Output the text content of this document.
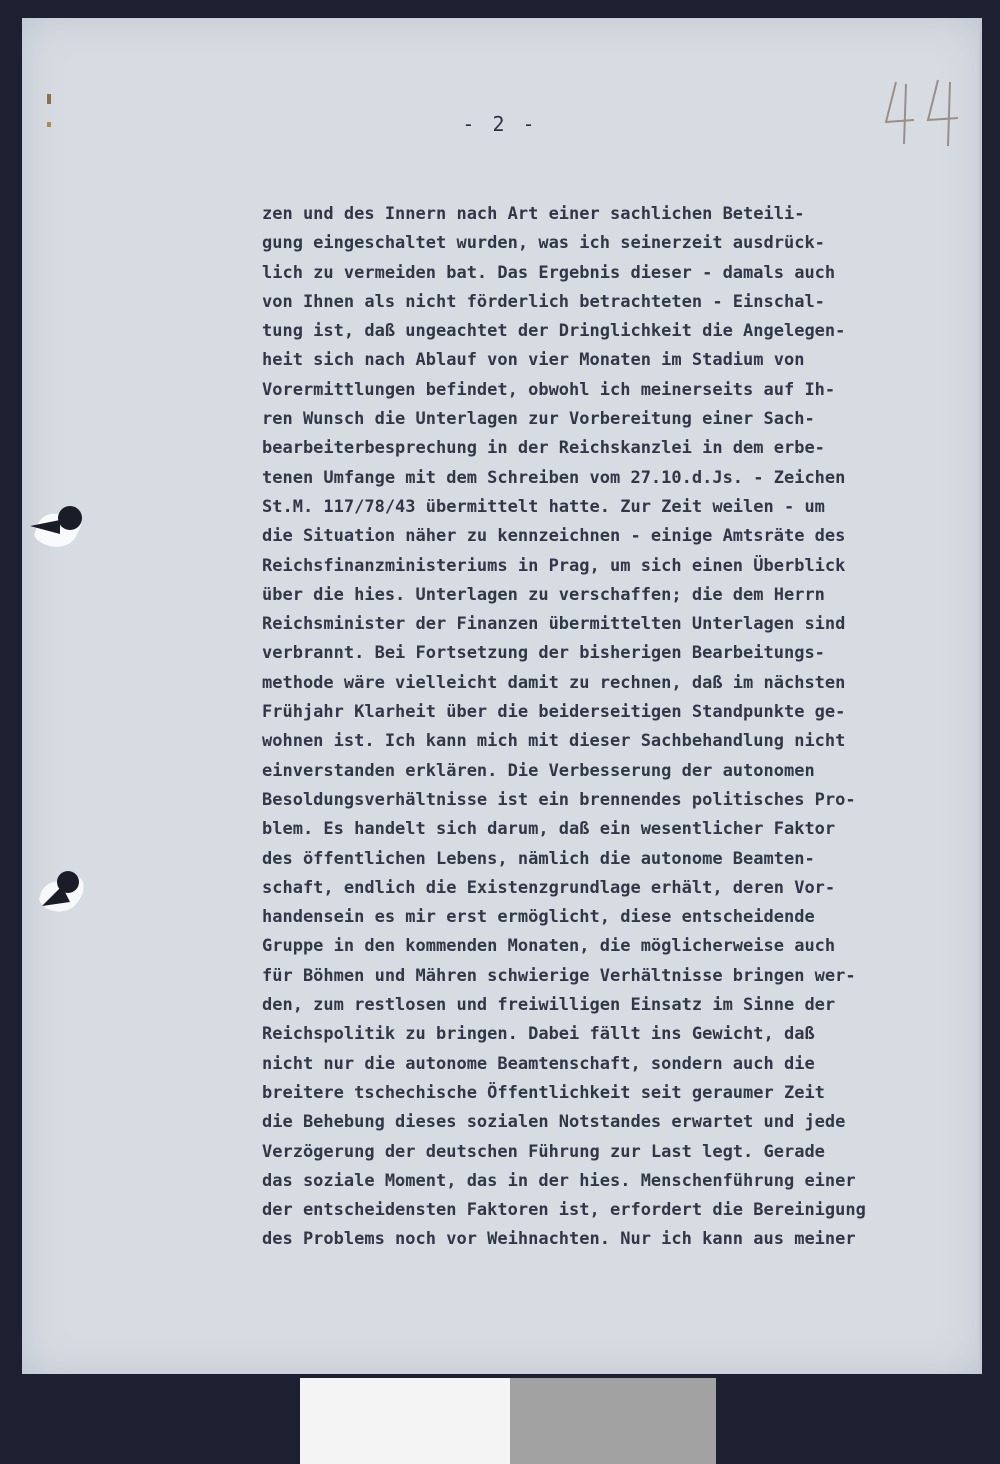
- 2 -
zen und des Innern nach Art einer sachlichen Beteili-
gung eingeschaltet wurden, was ich seinerzeit ausdrück-
lich zu vermeiden bat. Das Ergebnis dieser - damals auch
von Ihnen als nicht förderlich betrachteten - Einschal-
tung ist, daß ungeachtet der Dringlichkeit die Angelegen-
heit sich nach Ablauf von vier Monaten im Stadium von
Vorermittlungen befindet, obwohl ich meinerseits auf Ih-
ren Wunsch die Unterlagen zur Vorbereitung einer Sach-
bearbeiterbesprechung in der Reichskanzlei in dem erbe-
tenen Umfange mit dem Schreiben vom 27.10.d.Js. - Zeichen
St.M. 117/78/43 übermittelt hatte. Zur Zeit weilen - um
die Situation näher zu kennzeichnen - einige Amtsräte des
Reichsfinanzministeriums in Prag, um sich einen Überblick
über die hies. Unterlagen zu verschaffen; die dem Herrn
Reichsminister der Finanzen übermittelten Unterlagen sind
verbrannt. Bei Fortsetzung der bisherigen Bearbeitungs-
methode wäre vielleicht damit zu rechnen, daß im nächsten
Frühjahr Klarheit über die beiderseitigen Standpunkte ge-
wohnen ist. Ich kann mich mit dieser Sachbehandlung nicht
einverstanden erklären. Die Verbesserung der autonomen
Besoldungsverhältnisse ist ein brennendes politisches Pro-
blem. Es handelt sich darum, daß ein wesentlicher Faktor
des öffentlichen Lebens, nämlich die autonome Beamten-
schaft, endlich die Existenzgrundlage erhält, deren Vor-
handensein es mir erst ermöglicht, diese entscheidende
Gruppe in den kommenden Monaten, die möglicherweise auch
für Böhmen und Mähren schwierige Verhältnisse bringen wer-
den, zum restlosen und freiwilligen Einsatz im Sinne der
Reichspolitik zu bringen. Dabei fällt ins Gewicht, daß
nicht nur die autonome Beamtenschaft, sondern auch die
breitere tschechische Öffentlichkeit seit geraumer Zeit
die Behebung dieses sozialen Notstandes erwartet und jede
Verzögerung der deutschen Führung zur Last legt. Gerade
das soziale Moment, das in der hies. Menschenführung einer
der entscheidensten Faktoren ist, erfordert die Bereinigung
des Problems noch vor Weihnachten. Nur ich kann aus meiner
